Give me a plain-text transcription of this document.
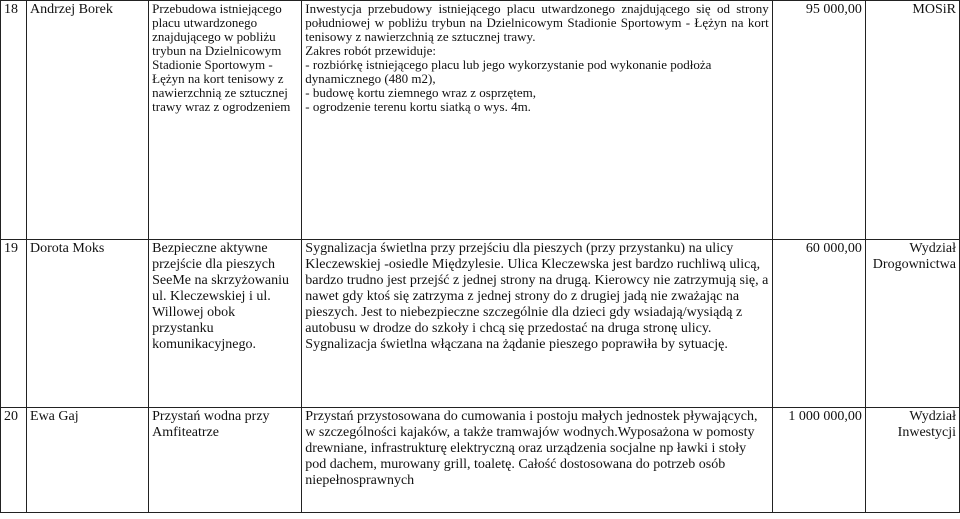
18	Andrzej Borek	Przebudowa istniejącego placu utwardzonego znajdującego w pobliżu trybun na Dzielnicowym Stadionie Sportowym - Łężyn na kort tenisowy z nawierzchnią ze sztucznej trawy wraz z ogrodzeniem	Inwestycja przebudowy istniejącego placu utwardzonego znajdującego się od strony południowej w pobliżu trybun na Dzielnicowym Stadionie Sportowym - Łężyn na kort tenisowy z nawierzchnią ze sztucznej trawy.
Zakres robót przewiduje:
- rozbiórkę istniejącego placu lub jego wykorzystanie pod wykonanie podłoża dynamicznego (480 m2),
- budowę kortu ziemnego wraz z osprzętem,
- ogrodzenie terenu kortu siatką o wys. 4m.	95 000,00	MOSiR
19	Dorota Moks	Bezpieczne aktywne przejście dla pieszych SeeMe na skrzyżowaniu ul. Kleczewskiej i ul. Willowej obok przystanku komunikacyjnego.	Sygnalizacja świetlna przy przejściu dla pieszych (przy przystanku) na ulicy Kleczewskiej -osiedle Międzylesie. Ulica Kleczewska jest bardzo ruchliwą ulicą, bardzo trudno jest przejść z jednej strony na drugą. Kierowcy nie zatrzymują się, a nawet gdy ktoś się zatrzyma z jednej strony do z drugiej jadą nie zważając na pieszych. Jest to niebezpieczne szczególnie dla dzieci gdy wsiadają/wysiądą z autobusu w drodze do szkoły i chcą się przedostać na druga stronę ulicy. Sygnalizacja świetlna włączana na żądanie pieszego poprawiła by sytuację.	60 000,00	Wydział Drogownictwa
20	Ewa Gaj	Przystań wodna przy Amfiteatrze	Przystań przystosowana do cumowania i postoju małych jednostek pływających, w szczególności kajaków, a także tramwajów wodnych.Wyposażona w pomosty drewniane, infrastrukturę elektryczną oraz urządzenia socjalne np ławki i stoły pod dachem, murowany grill, toaletę. Całość dostosowana do potrzeb osób niepełnosprawnych	1 000 000,00	Wydział Inwestycji
